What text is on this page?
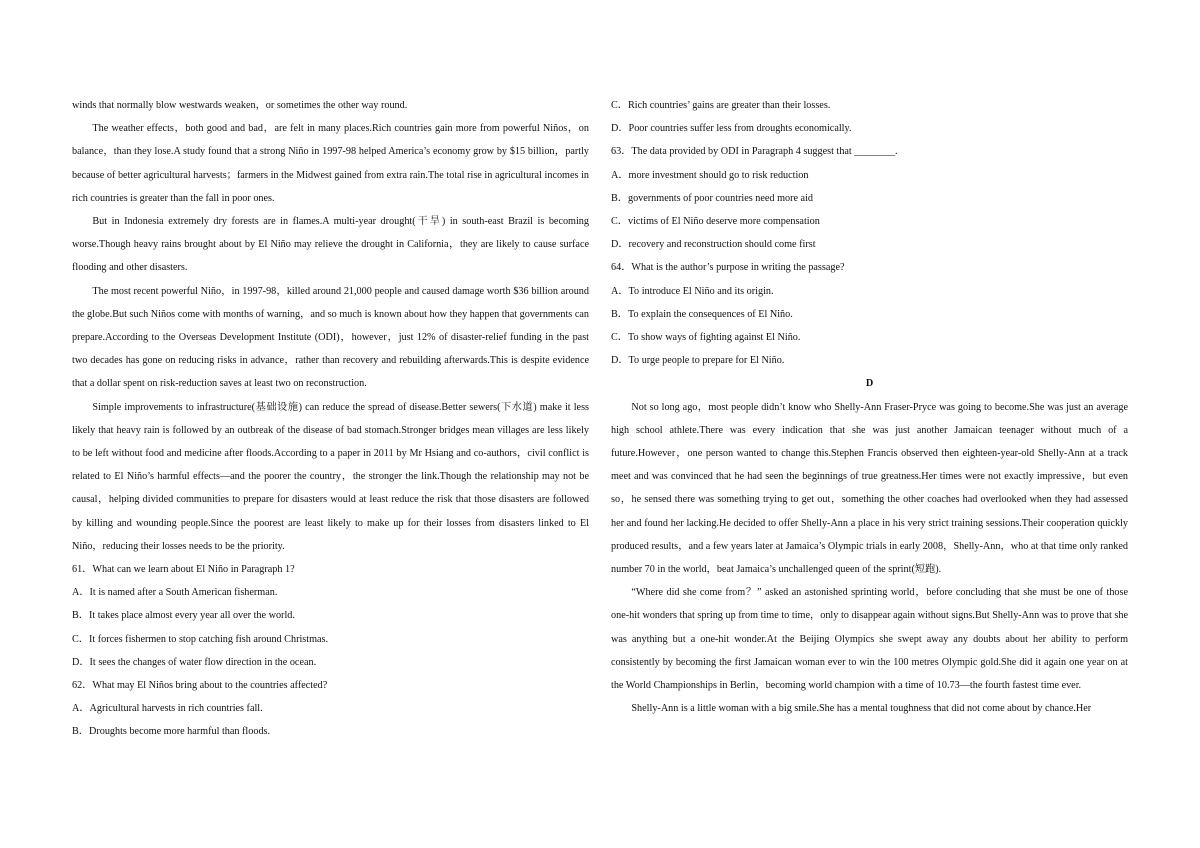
winds that normally blow westwards weaken，or sometimes the other way round.

The weather effects，both good and bad，are felt in many places.Rich countries gain more from powerful Niños，on balance，than they lose.A study found that a strong Niño in 1997-98 helped America’s economy grow by $15 billion，partly because of better agricultural harvests；farmers in the Midwest gained from extra rain.The total rise in agricultural incomes in rich countries is greater than the fall in poor ones.

But in Indonesia extremely dry forests are in flames.A multi-year drought(干旱) in south-east Brazil is becoming worse.Though heavy rains brought about by El Niño may relieve the drought in California，they are likely to cause surface flooding and other disasters.

The most recent powerful Niño，in 1997-98，killed around 21,000 people and caused damage worth $36 billion around the globe.But such Niños come with months of warning，and so much is known about how they happen that governments can prepare.According to the Overseas Development Institute (ODI)，however，just 12% of disaster-relief funding in the past two decades has gone on reducing risks in advance，rather than recovery and rebuilding afterwards.This is despite evidence that a dollar spent on risk-reduction saves at least two on reconstruction.

Simple improvements to infrastructure(基础设施) can reduce the spread of disease.Better sewers(下水道) make it less likely that heavy rain is followed by an outbreak of the disease of bad stomach.Stronger bridges mean villages are less likely to be left without food and medicine after floods.According to a paper in 2011 by Mr Hsiang and co-authors，civil conflict is related to El Niño’s harmful effects—and the poorer the country，the stronger the link.Though the relationship may not be causal，helping divided communities to prepare for disasters would at least reduce the risk that those disasters are followed by killing and wounding people.Since the poorest are least likely to make up for their losses from disasters linked to El Niño，reducing their losses needs to be the priority.

61．What can we learn about El Niño in Paragraph 1?

A．It is named after a South American fisherman.

B．It takes place almost every year all over the world.

C．It forces fishermen to stop catching fish around Christmas.

D．It sees the changes of water flow direction in the ocean.

62．What may El Niños bring about to the countries affected?

A．Agricultural harvests in rich countries fall.

B．Droughts become more harmful than floods.

C．Rich countries’ gains are greater than their losses.

D．Poor countries suffer less from droughts economically.

63．The data provided by ODI in Paragraph 4 suggest that ________.

A．more investment should go to risk reduction

B．governments of poor countries need more aid

C．victims of El Niño deserve more compensation

D．recovery and reconstruction should come first

64．What is the author’s purpose in writing the passage?

A．To introduce El Niño and its origin.

B．To explain the consequences of El Niño.

C．To show ways of fighting against El Niño.

D．To urge people to prepare for El Niño.

D

Not so long ago，most people didn’t know who Shelly-Ann Fraser-Pryce was going to become.She was just an average high school athlete.There was every indication that she was just another Jamaican teenager without much of a future.However，one person wanted to change this.Stephen Francis observed then eighteen-year-old Shelly-Ann at a track meet and was convinced that he had seen the beginnings of true greatness.Her times were not exactly impressive，but even so，he sensed there was something trying to get out，something the other coaches had overlooked when they had assessed her and found her lacking.He decided to offer Shelly-Ann a place in his very strict training sessions.Their cooperation quickly produced results，and a few years later at Jamaica’s Olympic trials in early 2008，Shelly-Ann，who at that time only ranked number 70 in the world，beat Jamaica’s unchallenged queen of the sprint(短跑).

“Where did she come from？” asked an astonished sprinting world，before concluding that she must be one of those one-hit wonders that spring up from time to time，only to disappear again without signs.But Shelly-Ann was to prove that she was anything but a one-hit wonder.At the Beijing Olympics she swept away any doubts about her ability to perform consistently by becoming the first Jamaican woman ever to win the 100 metres Olympic gold.She did it again one year on at the World Championships in Berlin，becoming world champion with a time of 10.73—the fourth fastest time ever.

Shelly-Ann is a little woman with a big smile.She has a mental toughness that did not come about by chance.Her
